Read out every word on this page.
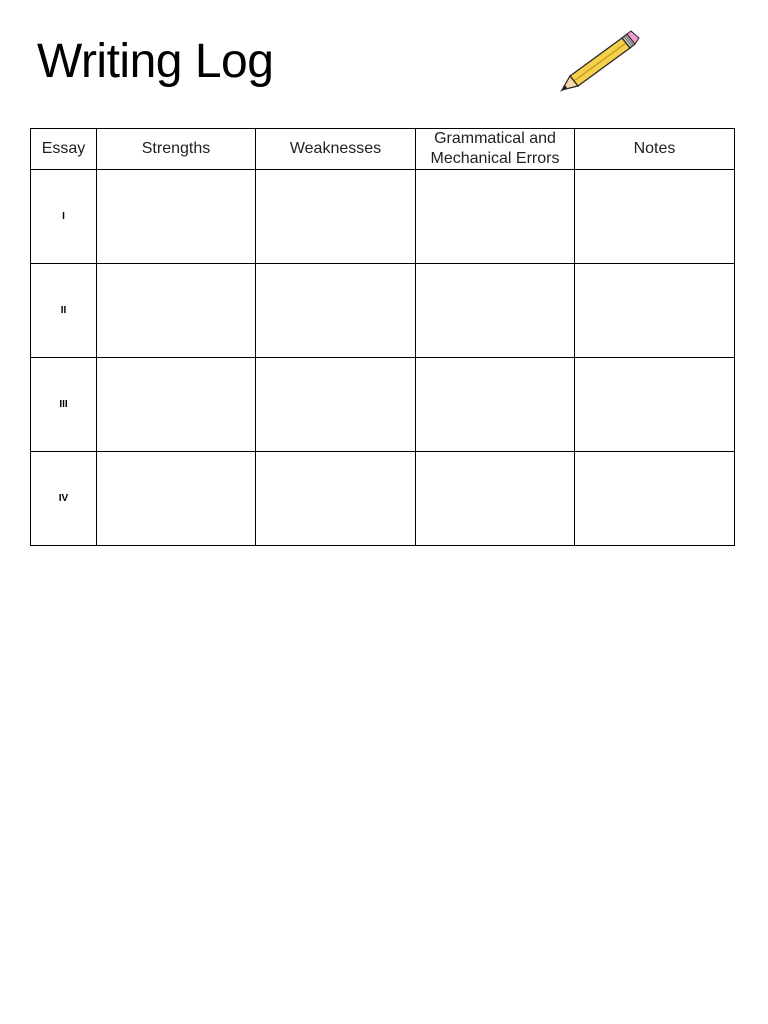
Writing Log
Essay	Strengths	Weaknesses	Grammatical and Mechanical Errors	Notes
I				
II				
III				
IV				
